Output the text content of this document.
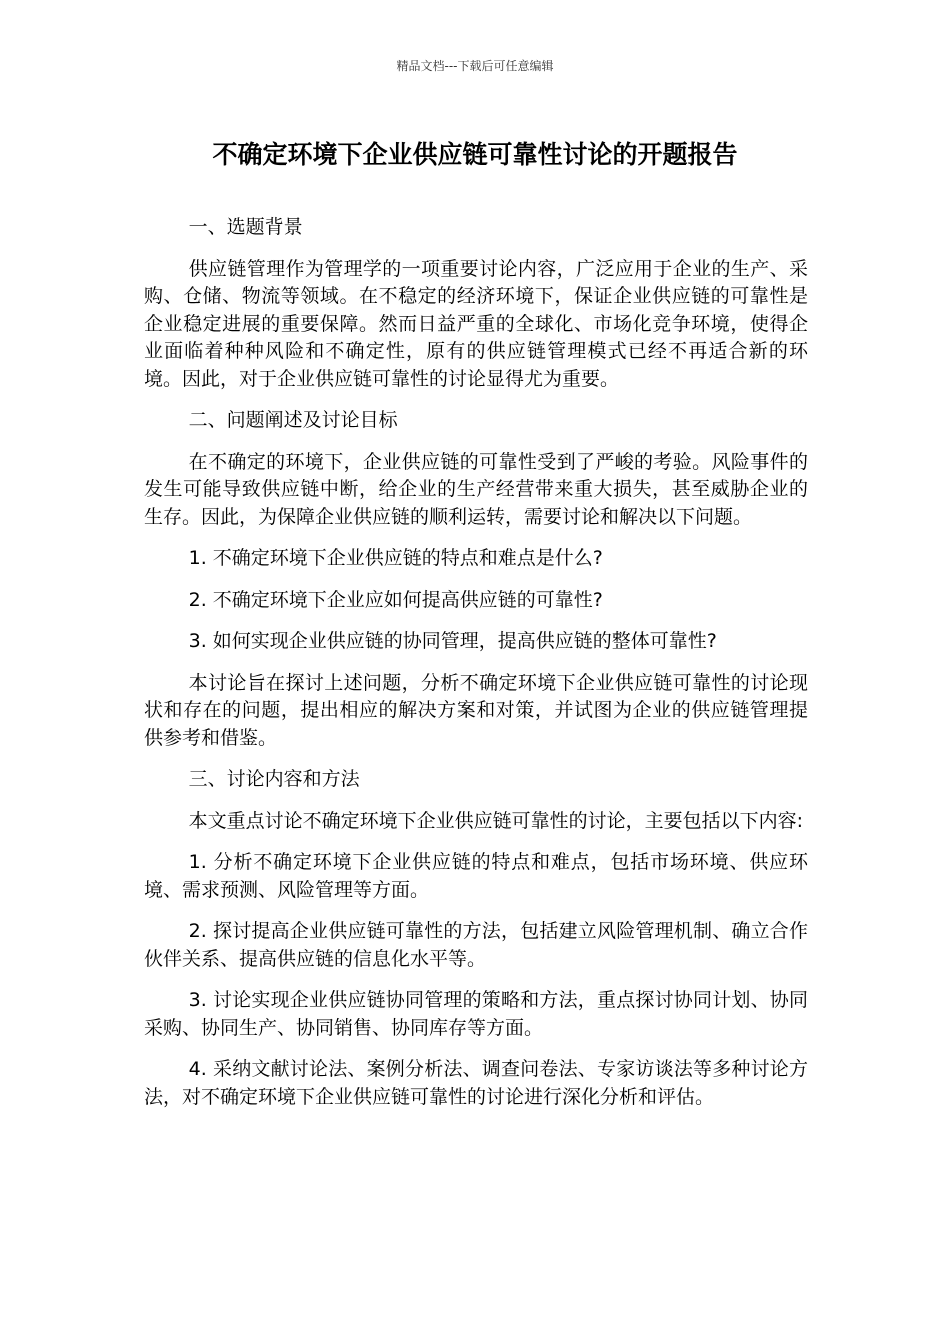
精品文档---下载后可任意编辑
不确定环境下企业供应链可靠性讨论的开题报告

一、选题背景

供应链管理作为管理学的一项重要讨论内容，广泛应用于企业的生产、采购、仓储、物流等领域。在不稳定的经济环境下，保证企业供应链的可靠性是企业稳定进展的重要保障。然而日益严重的全球化、市场化竞争环境，使得企业面临着种种风险和不确定性，原有的供应链管理模式已经不再适合新的环境。因此，对于企业供应链可靠性的讨论显得尤为重要。

二、问题阐述及讨论目标

在不确定的环境下，企业供应链的可靠性受到了严峻的考验。风险事件的发生可能导致供应链中断，给企业的生产经营带来重大损失，甚至威胁企业的生存。因此，为保障企业供应链的顺利运转，需要讨论和解决以下问题。

1. 不确定环境下企业供应链的特点和难点是什么?

2. 不确定环境下企业应如何提高供应链的可靠性?

3. 如何实现企业供应链的协同管理，提高供应链的整体可靠性?

本讨论旨在探讨上述问题，分析不确定环境下企业供应链可靠性的讨论现状和存在的问题，提出相应的解决方案和对策，并试图为企业的供应链管理提供参考和借鉴。

三、讨论内容和方法

本文重点讨论不确定环境下企业供应链可靠性的讨论，主要包括以下内容:

1. 分析不确定环境下企业供应链的特点和难点，包括市场环境、供应环境、需求预测、风险管理等方面。

2. 探讨提高企业供应链可靠性的方法，包括建立风险管理机制、确立合作伙伴关系、提高供应链的信息化水平等。

3. 讨论实现企业供应链协同管理的策略和方法，重点探讨协同计划、协同采购、协同生产、协同销售、协同库存等方面。

4. 采纳文献讨论法、案例分析法、调查问卷法、专家访谈法等多种讨论方法，对不确定环境下企业供应链可靠性的讨论进行深化分析和评估。
